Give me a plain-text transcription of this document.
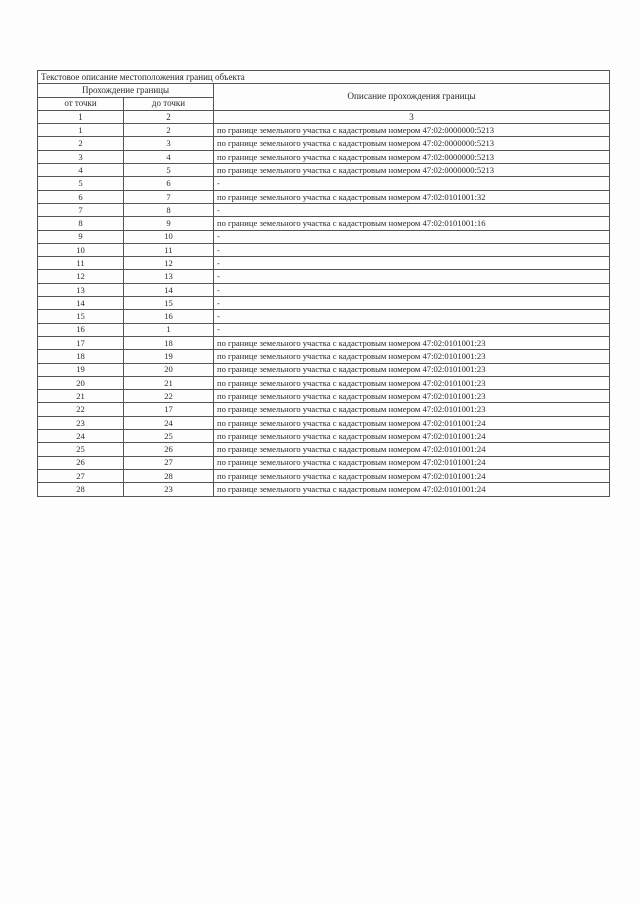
Текстовое описание местоположения границ объекта		
Прохождение границы		Описание прохождения границы
от точки	до точки	
1	2	3
1	2	по границе земельного участка с кадастровым номером 47:02:0000000:5213
2	3	по границе земельного участка с кадастровым номером 47:02:0000000:5213
3	4	по границе земельного участка с кадастровым номером 47:02:0000000:5213
4	5	по границе земельного участка с кадастровым номером 47:02:0000000:5213
5	6	-
6	7	по границе земельного участка с кадастровым номером 47:02:0101001:32
7	8	-
8	9	по границе земельного участка с кадастровым номером 47:02:0101001:16
9	10	-
10	11	-
11	12	-
12	13	-
13	14	-
14	15	-
15	16	-
16	1	-
17	18	по границе земельного участка с кадастровым номером 47:02:0101001:23
18	19	по границе земельного участка с кадастровым номером 47:02:0101001:23
19	20	по границе земельного участка с кадастровым номером 47:02:0101001:23
20	21	по границе земельного участка с кадастровым номером 47:02:0101001:23
21	22	по границе земельного участка с кадастровым номером 47:02:0101001:23
22	17	по границе земельного участка с кадастровым номером 47:02:0101001:23
23	24	по границе земельного участка с кадастровым номером 47:02:0101001:24
24	25	по границе земельного участка с кадастровым номером 47:02:0101001:24
25	26	по границе земельного участка с кадастровым номером 47:02:0101001:24
26	27	по границе земельного участка с кадастровым номером 47:02:0101001:24
27	28	по границе земельного участка с кадастровым номером 47:02:0101001:24
28	23	по границе земельного участка с кадастровым номером 47:02:0101001:24
